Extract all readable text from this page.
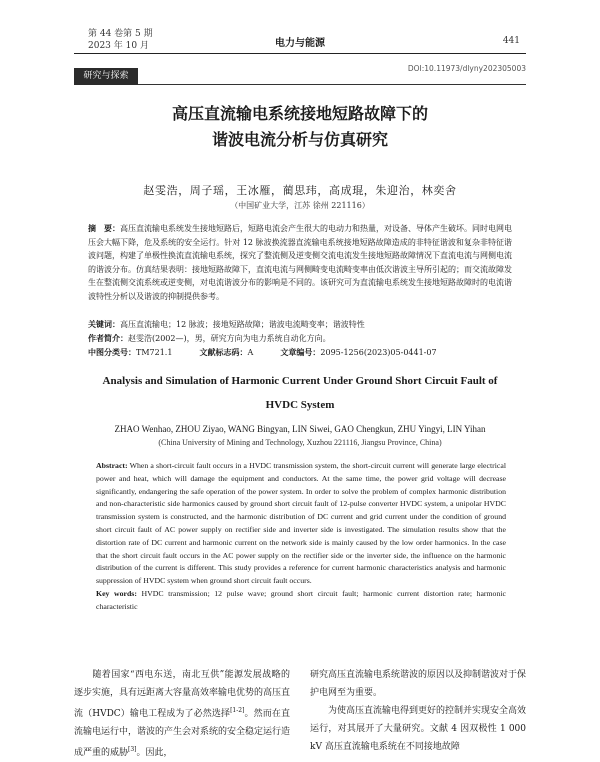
第 44 卷第 5 期
2023 年 10 月	电力与能源	441
研究与探索
DOI:10.11973/dlyny202305003
高压直流输电系统接地短路故障下的
谐波电流分析与仿真研究
赵雯浩，周子瑶，王冰雁，蔺思玮，高成琨，朱迎治，林奕舍
（中国矿业大学，江苏 徐州 221116）
摘　要：高压直流输电系统发生接地短路后，短路电流会产生很大的电动力和热量，对设备、导体产生破坏。同时电网电压会大幅下降，危及系统的安全运行。针对 12 脉波换流器直流输电系统接地短路故障造成的非特征谐波和复杂非特征谐波问题，构建了单极性换流直流输电系统，探究了整流侧及逆变侧交流电流发生接地短路故障情况下直流电流与网侧电流的谐波分布。仿真结果表明：接地短路故障下，直流电流与网侧畸变电流畸变率由低次谐波主导所引起的；而交流故障发生在整流侧交流系统或逆变侧，对电流谐波分布的影响是不同的。该研究可为直流输电系统发生接地短路故障时的电流谐波特性分析以及谐波的抑制提供参考。
关键词：高压直流输电；12 脉波；接地短路故障；谐波电流畸变率；谐波特性
作者简介：赵雯浩(2002—)，男，研究方向为电力系统自动化方向。
中图分类号：TM721.1	文献标志码：A	文章编号：2095-1256(2023)05-0441-07
Analysis and Simulation of Harmonic Current Under Ground Short Circuit Fault of
HVDC System
ZHAO Wenhao, ZHOU Ziyao, WANG Bingyan, LIN Siwei, GAO Chengkun, ZHU Yingyi, LIN Yihan
(China University of Mining and Technology, Xuzhou 221116, Jiangsu Province, China)
Abstract: When a short-circuit fault occurs in a HVDC transmission system, the short-circuit current will generate large electrical power and heat, which will damage the equipment and conductors. At the same time, the power grid voltage will decrease significantly, endangering the safe operation of the power system. In order to solve the problem of complex harmonic distribution and non-characteristic side harmonics caused by ground short circuit fault of 12-pulse converter HVDC system, a unipolar HVDC transmission system is constructed, and the harmonic distribution of DC current and grid current under the condition of ground short circuit fault of AC power supply on rectifier side and inverter side is investigated. The simulation results show that the distortion rate of DC current and harmonic current on the network side is mainly caused by the low order harmonics. In the case that the short circuit fault occurs in the AC power supply on the rectifier side or the inverter side, the influence on the harmonic distribution of the current is different. This study provides a reference for current harmonic characteristics analysis and harmonic suppression of HVDC system when ground short circuit fault occurs.
Key words: HVDC transmission; 12 pulse wave; ground short circuit fault; harmonic current distortion rate; harmonic characteristic
随着国家“西电东送，南北互供”能源发展战略的逐步实施，具有远距离大容量高效率输电优势的高压直流（HVDC）输电工程成为了必然选择[1-2]。然而在直流输电运行中，谐波的产生会对系统的安全稳定运行造成严重的威胁[3]。因此，
研究高压直流输电系统谐波的原因以及抑制谐波对于保护电网至为重要。
为使高压直流输电得到更好的控制并实现安全高效运行，对其展开了大量研究。文献 4 因双极性 1 000 kV 高压直流输电系统在不同接地故障
